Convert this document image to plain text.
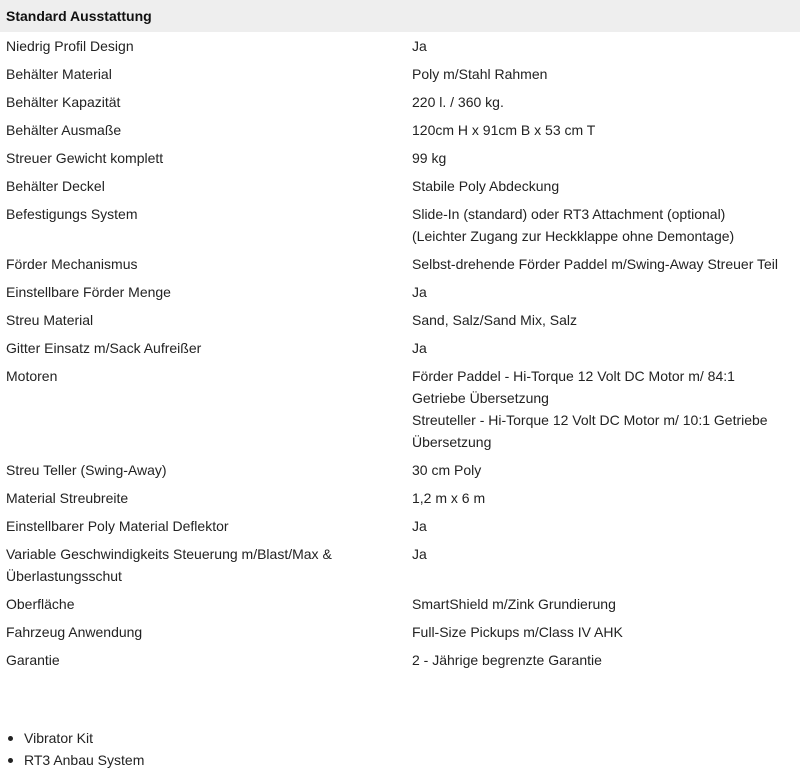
Standard Ausstattung	

Niedrig Profil Design	Ja

Behälter Material	Poly m/Stahl Rahmen

Behälter Kapazität	220 l. / 360 kg.

Behälter Ausmaße	120cm H x 91cm B x 53 cm T

Streuer Gewicht komplett	99 kg

Behälter Deckel	Stabile Poly Abdeckung

Befestigungs System	Slide-In (standard) oder RT3 Attachment (optional)
(Leichter Zugang zur Heckklappe ohne Demontage)

Förder Mechanismus	Selbst-drehende Förder Paddel m/Swing-Away Streuer Teil

Einstellbare Förder Menge	Ja

Streu Material	Sand, Salz/Sand Mix, Salz

Gitter Einsatz m/Sack Aufreißer	Ja

Motoren	Förder Paddel - Hi-Torque 12 Volt DC Motor m/ 84:1
Getriebe Übersetzung
Streuteller - Hi-Torque 12 Volt DC Motor m/ 10:1 Getriebe
Übersetzung

Streu Teller (Swing-Away)	30 cm Poly

Material Streubreite	1,2 m x 6 m

Einstellbarer Poly Material Deflektor	Ja

Variable Geschwindigkeits Steuerung m/Blast/Max &
Überlastungsschut	Ja

Oberfläche	SmartShield m/Zink Grundierung

Fahrzeug Anwendung	Full-Size Pickups m/Class IV AHK

Garantie	2 - Jährige begrenzte Garantie
Vibrator Kit
RT3 Anbau System
